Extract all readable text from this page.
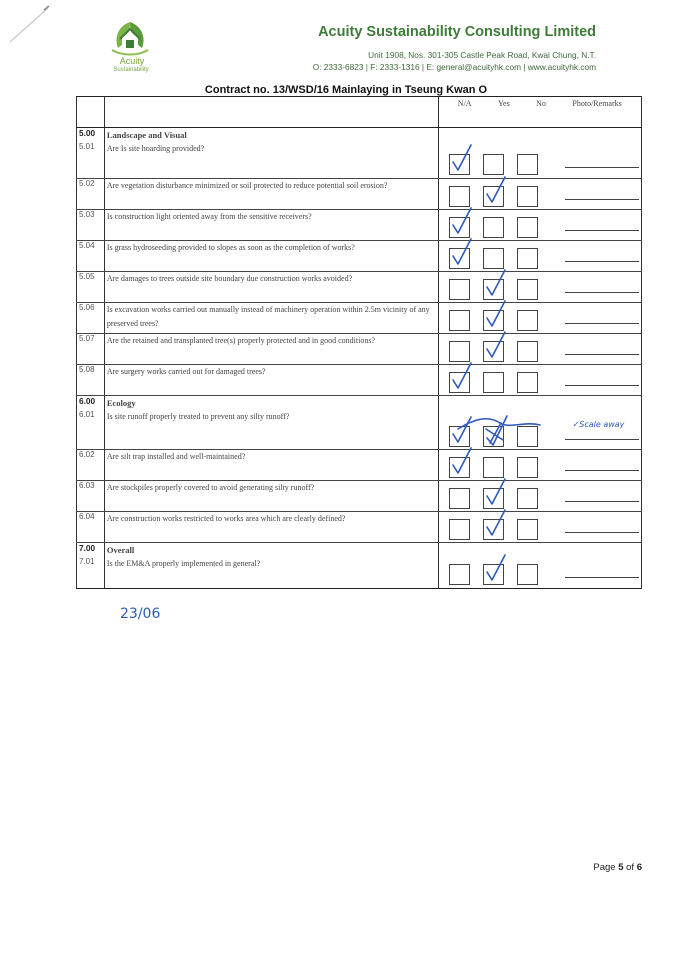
Acuity
Sustainability
Acuity Sustainability Consulting Limited
Unit 1908, Nos. 301-305 Castle Peak Road, Kwai Chung, N.T.
O: 2333-6823 | F: 2333-1316 | E: general@acuityhk.com | www.acuityhk.com
Contract no. 13/WSD/16 Mainlaying in Tseung Kwan O

		N/A Yes No Photo/Remarks

5.00	Landscape and Visual	
5.01	Are Is site hoarding provided?	

5.02	Are vegetation disturbance minimized or soil protected to reduce potential soil erosion?	

5.03	Is construction light oriented away from the sensitive receivers?	

5.04	Is grass hydroseeding provided to slopes as soon as the completion of works?	

5.05	Are damages to trees outside site boundary due construction works avoided?	

5.06	Is excavation works carried out manually instead of machinery operation within 2.5m vicinity of any preserved trees?	

5.07	Are the retained and transplanted tree(s) properly protected and in good conditions?	

5.08	Are surgery works carried out for damaged trees?	

6.00	Ecology	
6.01	Is site runoff properly treated to prevent any silty runoff?	✓Scale away

6.02	Are silt trap installed and well-maintained?	

6.03	Are stockpiles properly covered to avoid generating silty runoff?	

6.04	Are construction works restricted to works area which are clearly defined?	

7.00	Overall	
7.01	Is the EM&A properly implemented in general?	
23/06
Page 5 of 6
